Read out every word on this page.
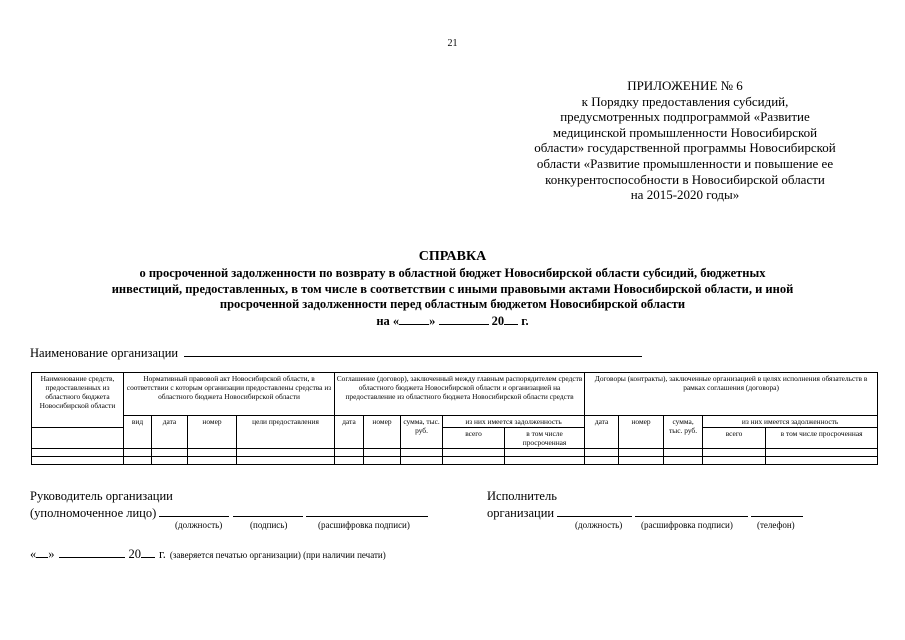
21
ПРИЛОЖЕНИЕ № 6
к Порядку предоставления субсидий,
предусмотренных подпрограммой «Развитие
медицинской промышленности Новосибирской
области» государственной программы Новосибирской
области «Развитие промышленности и повышение ее
конкурентоспособности в Новосибирской области
на 2015-2020 годы»
СПРАВКА
о просроченной задолженности по возврату в областной бюджет Новосибирской области субсидий, бюджетных
инвестиций, предоставленных, в том числе в соответствии с иными правовыми актами Новосибирской области, и иной
просроченной задолженности перед областным бюджетом Новосибирской области
на « »	20 г.
Наименование организации
Наименование средств, предоставленных из областного бюджета Новосибирской области	Нормативный правовой акт Новосибирской области, в соответствии с которым организации предоставлены средства из областного бюджета Новосибирской области				Соглашение (договор), заключенный между главным распорядителем средств областного бюджета Новосибирской области и организацией на предоставление из областного бюджета Новосибирской области средств					Договоры (контракты), заключенные организацией в целях исполнения обязательств в рамках соглашения (договора)				
	вид	дата	номер	цели предоставления	дата	номер	сумма, тыс. руб.	из них имеется задолженность		дата	номер	сумма, тыс. руб.	из них имеется задолженность	
								всего	в том числе просроченная				всего	в том числе просроченная

Руководитель организации
(уполномоченное лицо)
(должность)	(подпись)	(расшифровка подписи)
Исполнитель
организации
(должность) (расшифровка подписи)	(телефон)
« »	20 г. (заверяется печатью организации) (при наличии печати)
